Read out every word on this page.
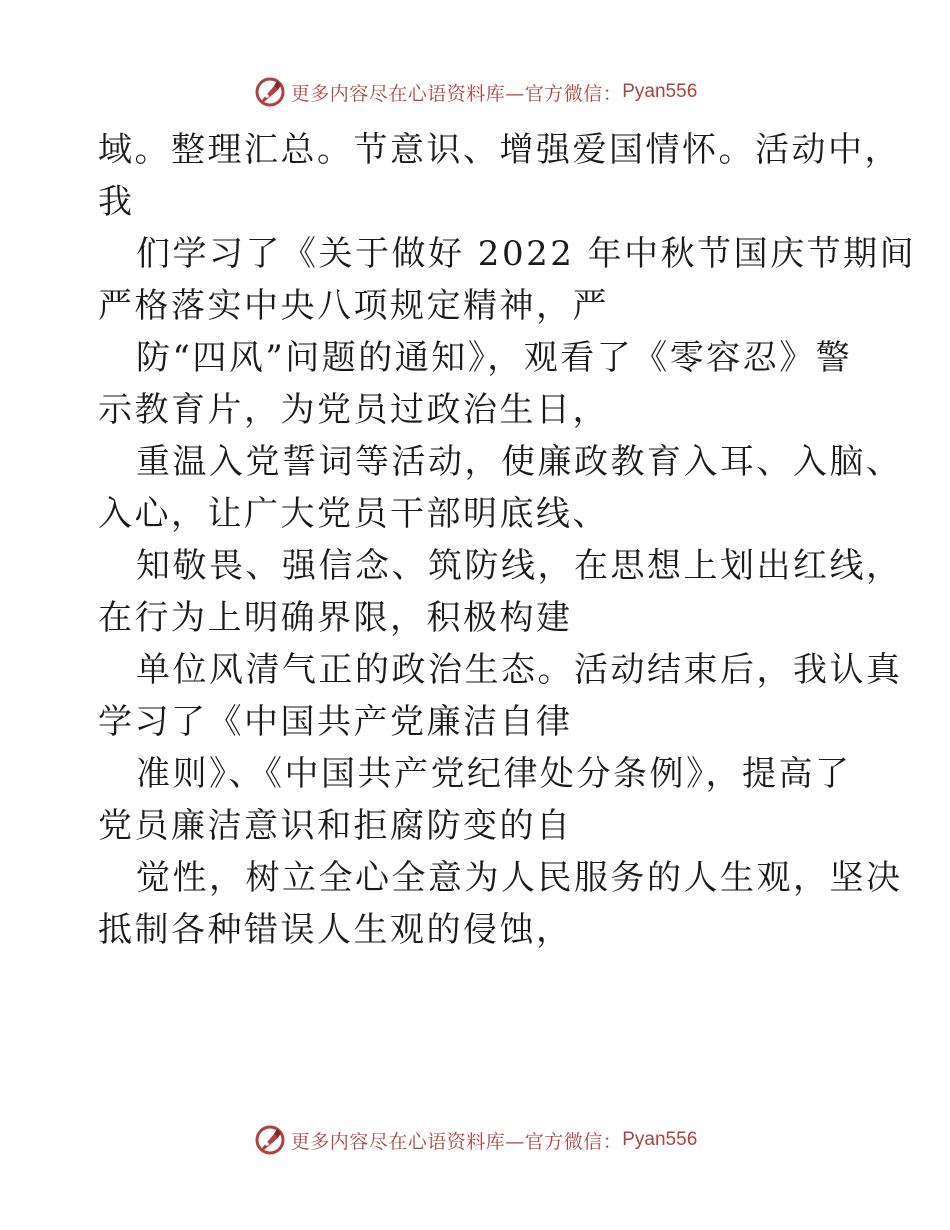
更多内容尽在心语资料库—官方微信： Pyan556
域。整理汇总。节意识、增强爱国情怀。活动中，
我
们学习了《关于做好 2022 年中秋节国庆节期间
严格落实中央八项规定精神，严
防“四风”问题的通知》，观看了《零容忍》警
示教育片，为党员过政治生日，
重温入党誓词等活动，使廉政教育入耳、入脑、
入心，让广大党员干部明底线、
知敬畏、强信念、筑防线，在思想上划出红线，
在行为上明确界限，积极构建
单位风清气正的政治生态。活动结束后，我认真
学习了《中国共产党廉洁自律
准则》、《中国共产党纪律处分条例》，提高了
党员廉洁意识和拒腐防变的自
觉性，树立全心全意为人民服务的人生观，坚决
抵制各种错误人生观的侵蚀，
更多内容尽在心语资料库—官方微信： Pyan556
